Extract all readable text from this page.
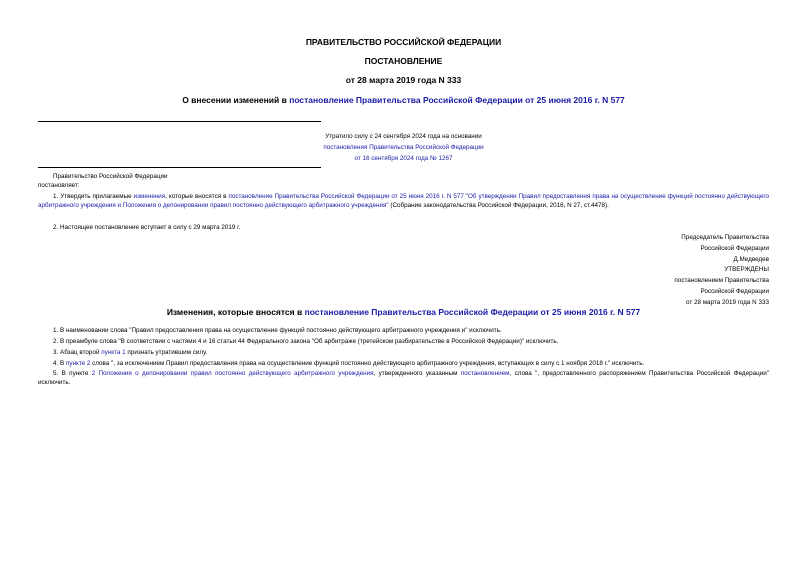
ПРАВИТЕЛЬСТВО РОССИЙСКОЙ ФЕДЕРАЦИИ
ПОСТАНОВЛЕНИЕ
от 28 марта 2019 года N 333
О внесении изменений в постановление Правительства Российской Федерации от 25 июня 2016 г. N 577
Утратило силу с 24 сентября 2024 года на основании
постановления Правительства Российской Федерации
от 16 сентября 2024 года № 1267
Правительство Российской Федерации
постановляет:
1. Утвердить прилагаемые изменения, которые вносятся в постановление Правительства Российской Федерации от 25 июня 2016 г. N 577 "Об утверждении Правил предоставления права на осуществление функций постоянно действующего арбитражного учреждения и Положения о депонировании правил постоянно действующего арбитражного учреждения" (Собрание законодательства Российской Федерации, 2016, N 27, ст.4478).
2. Настоящее постановление вступает в силу с 29 марта 2019 г.
Председатель Правительства
Российской Федерации
Д.Медведев
УТВЕРЖДЕНЫ
постановлением Правительства
Российской Федерации
от 28 марта 2019 года N 333
Изменения, которые вносятся в постановление Правительства Российской Федерации от 25 июня 2016 г. N 577
1. В наименовании слова "Правил предоставления права на осуществление функций постоянно действующего арбитражного учреждения и" исключить.
2. В преамбуле слова "В соответствии с частями 4 и 16 статьи 44 Федерального закона "Об арбитраже (третейском разбирательстве в Российской Федерации)" исключить.
3. Абзац второй пункта 1 признать утратившим силу.
4. В пункте 2 слова ", за исключением Правил предоставления права на осуществление функций постоянно действующего арбитражного учреждения, вступающих в силу с 1 ноября 2018 г." исключить.
5. В пункте 2 Положения о депонировании правил постоянно действующего арбитражного учреждения, утвержденного указанным постановлением, слова ", предоставленного распоряжением Правительства Российской Федерации" исключить.
